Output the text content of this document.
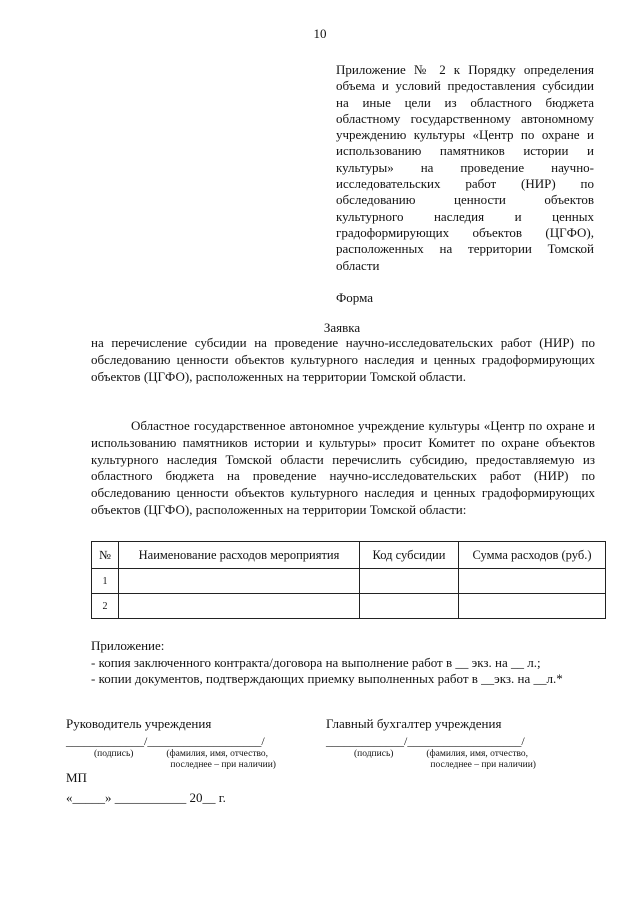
10
Приложение № 2 к Порядку определения объема и условий предоставления субсидии на иные цели из областного бюджета областному государственному автономному учреждению культуры «Центр по охране и использованию памятников истории и культуры» на проведение научно-исследовательских работ (НИР) по обследованию ценности объектов культурного наследия и ценных градоформирующих объектов (ЦГФО), расположенных на территории Томской области
Форма
Заявка
на перечисление субсидии на проведение научно-исследовательских работ (НИР) по обследованию ценности объектов культурного наследия и ценных градоформирующих объектов (ЦГФО), расположенных на территории Томской области.
Областное государственное автономное учреждение культуры «Центр по охране и использованию памятников истории и культуры» просит Комитет по охране объектов культурного наследия Томской области перечислить субсидию, предоставляемую из областного бюджета на проведение научно-исследовательских работ (НИР) по обследованию ценности объектов культурного наследия и ценных градоформирующих объектов (ЦГФО), расположенных на территории Томской области:
№	Наименование расходов мероприятия	Код субсидии	Сумма расходов (руб.)
1			
2			
Приложение:
- копия заключенного контракта/договора на выполнение работ в __ экз. на __ л.;
- копии документов, подтверждающих приемку выполненных работ в __экз. на __л.*
Руководитель учреждения
_____________/___________________/
(подпись)	(фамилия, имя, отчество,
последнее – при наличии)
Главный бухгалтер учреждения
_____________/___________________/
(подпись)	(фамилия, имя, отчество,
последнее – при наличии)
МП
«_____» ___________ 20__ г.
